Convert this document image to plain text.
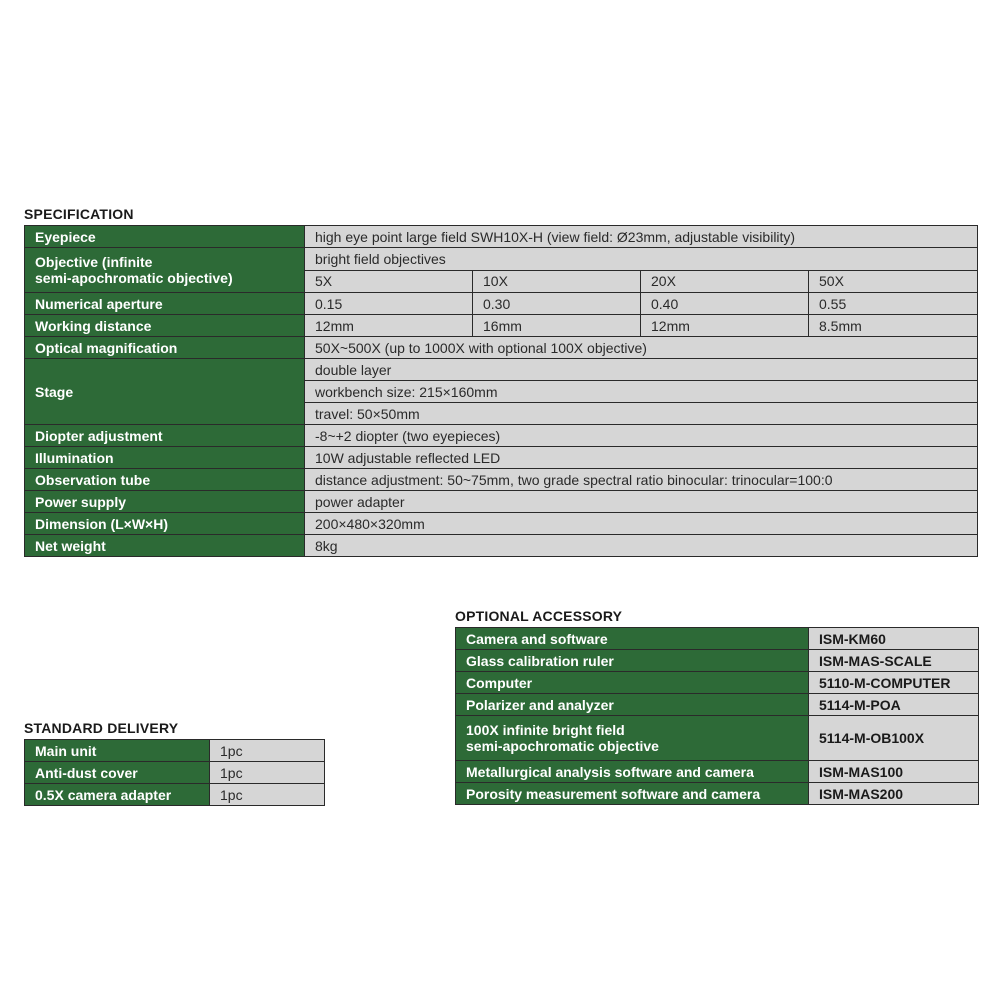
SPECIFICATION
Eyepiece	high eye point large field SWH10X-H (view field: Ø23mm, adjustable visibility)			

Objective (infinite
semi-apochromatic objective)	bright field objectives			
	5X	10X	20X	50X
Numerical aperture	0.15	0.30	0.40	0.55
Working distance	12mm	16mm	12mm	8.5mm
Optical magnification	50X~500X (up to 1000X with optional 100X objective)			
Stage	double layer			
	workbench size: 215×160mm			
	travel: 50×50mm			
Diopter adjustment	-8~+2 diopter (two eyepieces)			
Illumination	10W adjustable reflected LED			
Observation tube	distance adjustment: 50~75mm, two grade spectral ratio binocular: trinocular=100:0			
Power supply	power adapter			
Dimension (L×W×H)	200×480×320mm			
Net weight	8kg			
OPTIONAL ACCESSORY
Camera and software	ISM-KM60
Glass calibration ruler	ISM-MAS-SCALE
Computer	5110-M-COMPUTER
Polarizer and analyzer	5114-M-POA

100X infinite bright field
semi-apochromatic objective	5114-M-OB100X
Metallurgical analysis software and camera	ISM-MAS100
Porosity measurement software and camera	ISM-MAS200
STANDARD DELIVERY
Main unit	1pc
Anti-dust cover	1pc
0.5X camera adapter	1pc
